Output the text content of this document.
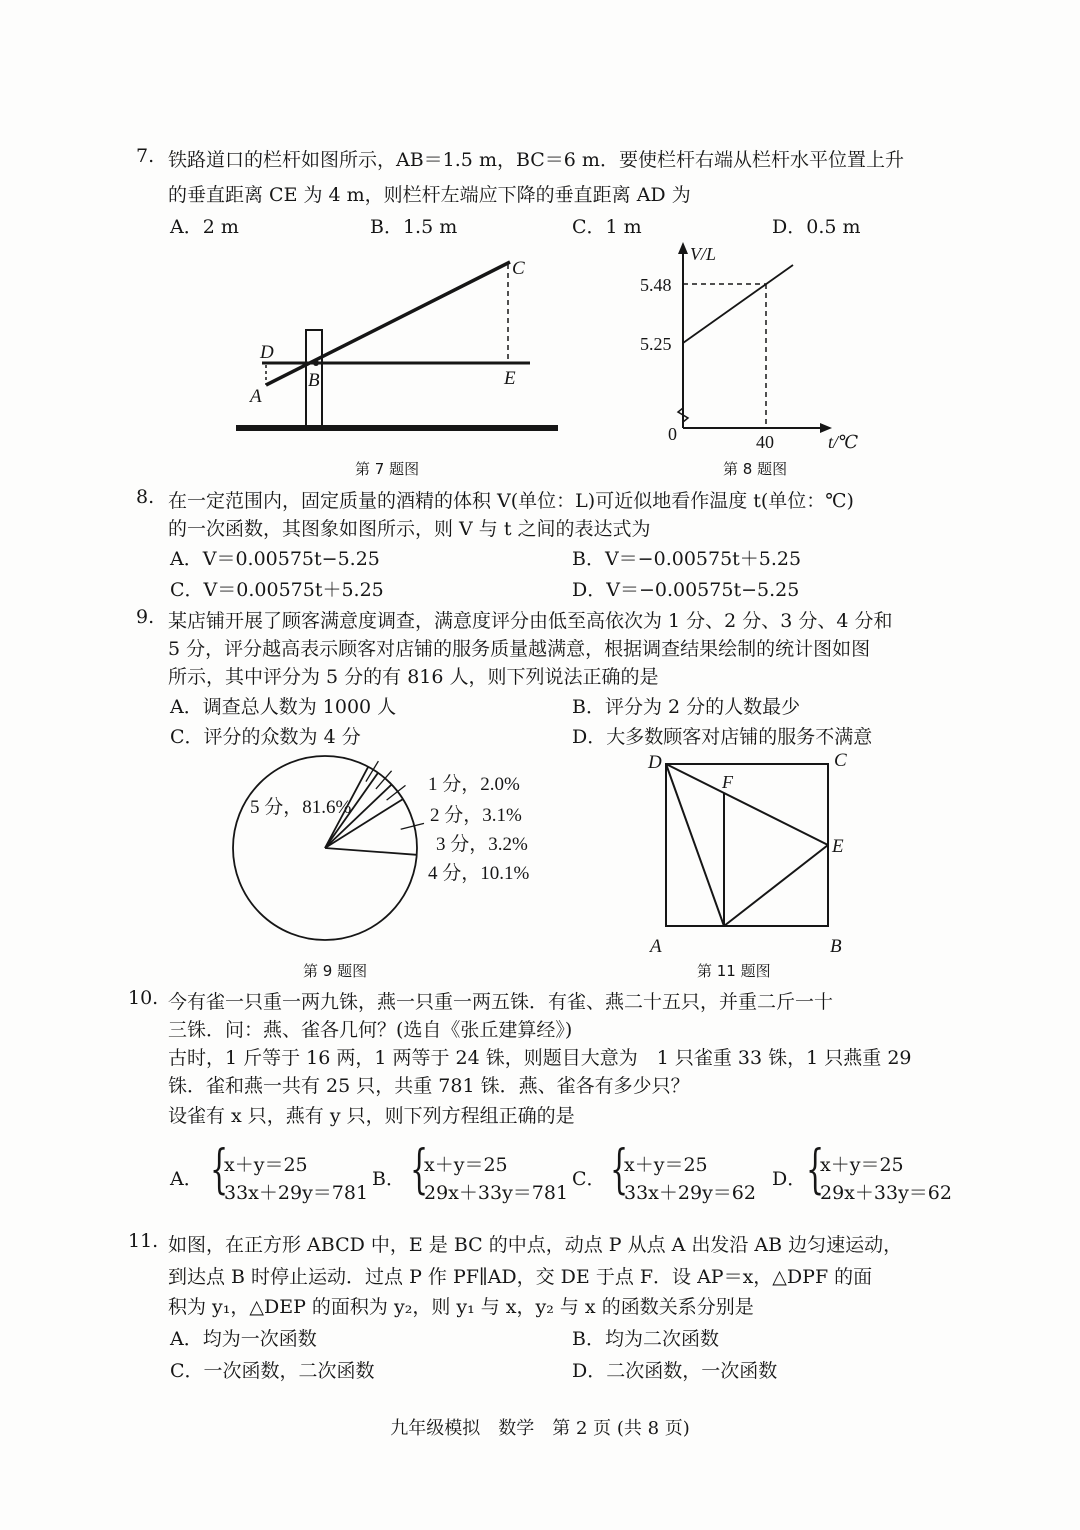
7. 铁路道口的栏杆如图所示，AB＝1.5 m，BC＝6 m．要使栏杆右端从栏杆水平位置上升
的垂直距离 CE 为 4 m，则栏杆左端应下降的垂直距离 AD 为
A．2 m	B．1.5 m	C．1 m	D．0.5 m
C
D
B	E
A
第 7 题图
V/L
t/℃
0
5.48
5.25
40
第 8 题图
8. 在一定范围内，固定质量的酒精的体积 V(单位：L)可近似地看作温度 t(单位：℃)
的一次函数，其图象如图所示，则 V 与 t 之间的表达式为
A．V＝0.00575t−5.25	B．V＝−0.00575t＋5.25
C．V＝0.00575t＋5.25	D．V＝−0.00575t−5.25
9. 某店铺开展了顾客满意度调查，满意度评分由低至高依次为 1 分、2 分、3 分、4 分和
5 分，评分越高表示顾客对店铺的服务质量越满意，根据调查结果绘制的统计图如图
所示，其中评分为 5 分的有 816 人，则下列说法正确的是
A．调查总人数为 1000 人	B．评分为 2 分的人数最少
C．评分的众数为 4 分	D．大多数顾客对店铺的服务不满意
1 分，2.0%
2 分，3.1%
3 分，3.2%
4 分，10.1%
5 分，81.6%
第 9 题图
D	C
F
E
A	B
第 11 题图
10. 今有雀一只重一两九铢，燕一只重一两五铢．有雀、燕二十五只，并重二斤一十
三铢．问：燕、雀各几何？(选自《张丘建算经》)
古时，1 斤等于 16 两，1 两等于 24 铢，则题目大意为　1 只雀重 33 铢，1 只燕重 29
铢．雀和燕一共有 25 只，共重 781 铢．燕、雀各有多少只？
设雀有 x 只，燕有 y 只，则下列方程组正确的是
A． {
x＋y＝25
33x＋29y＝781
B． {
x＋y＝25
29x＋33y＝781
C． {
x＋y＝25
33x＋29y＝62
D． {
x＋y＝25
29x＋33y＝62
11. 如图，在正方形 ABCD 中，E 是 BC 的中点，动点 P 从点 A 出发沿 AB 边匀速运动，
到达点 B 时停止运动．过点 P 作 PF∥AD，交 DE 于点 F．设 AP＝x，△DPF 的面
积为 y₁，△DEP 的面积为 y₂，则 y₁ 与 x，y₂ 与 x 的函数关系分别是
A．均为一次函数	B．均为二次函数
C．一次函数，二次函数	D．二次函数，一次函数
九年级模拟　数学　第 2 页 (共 8 页)
